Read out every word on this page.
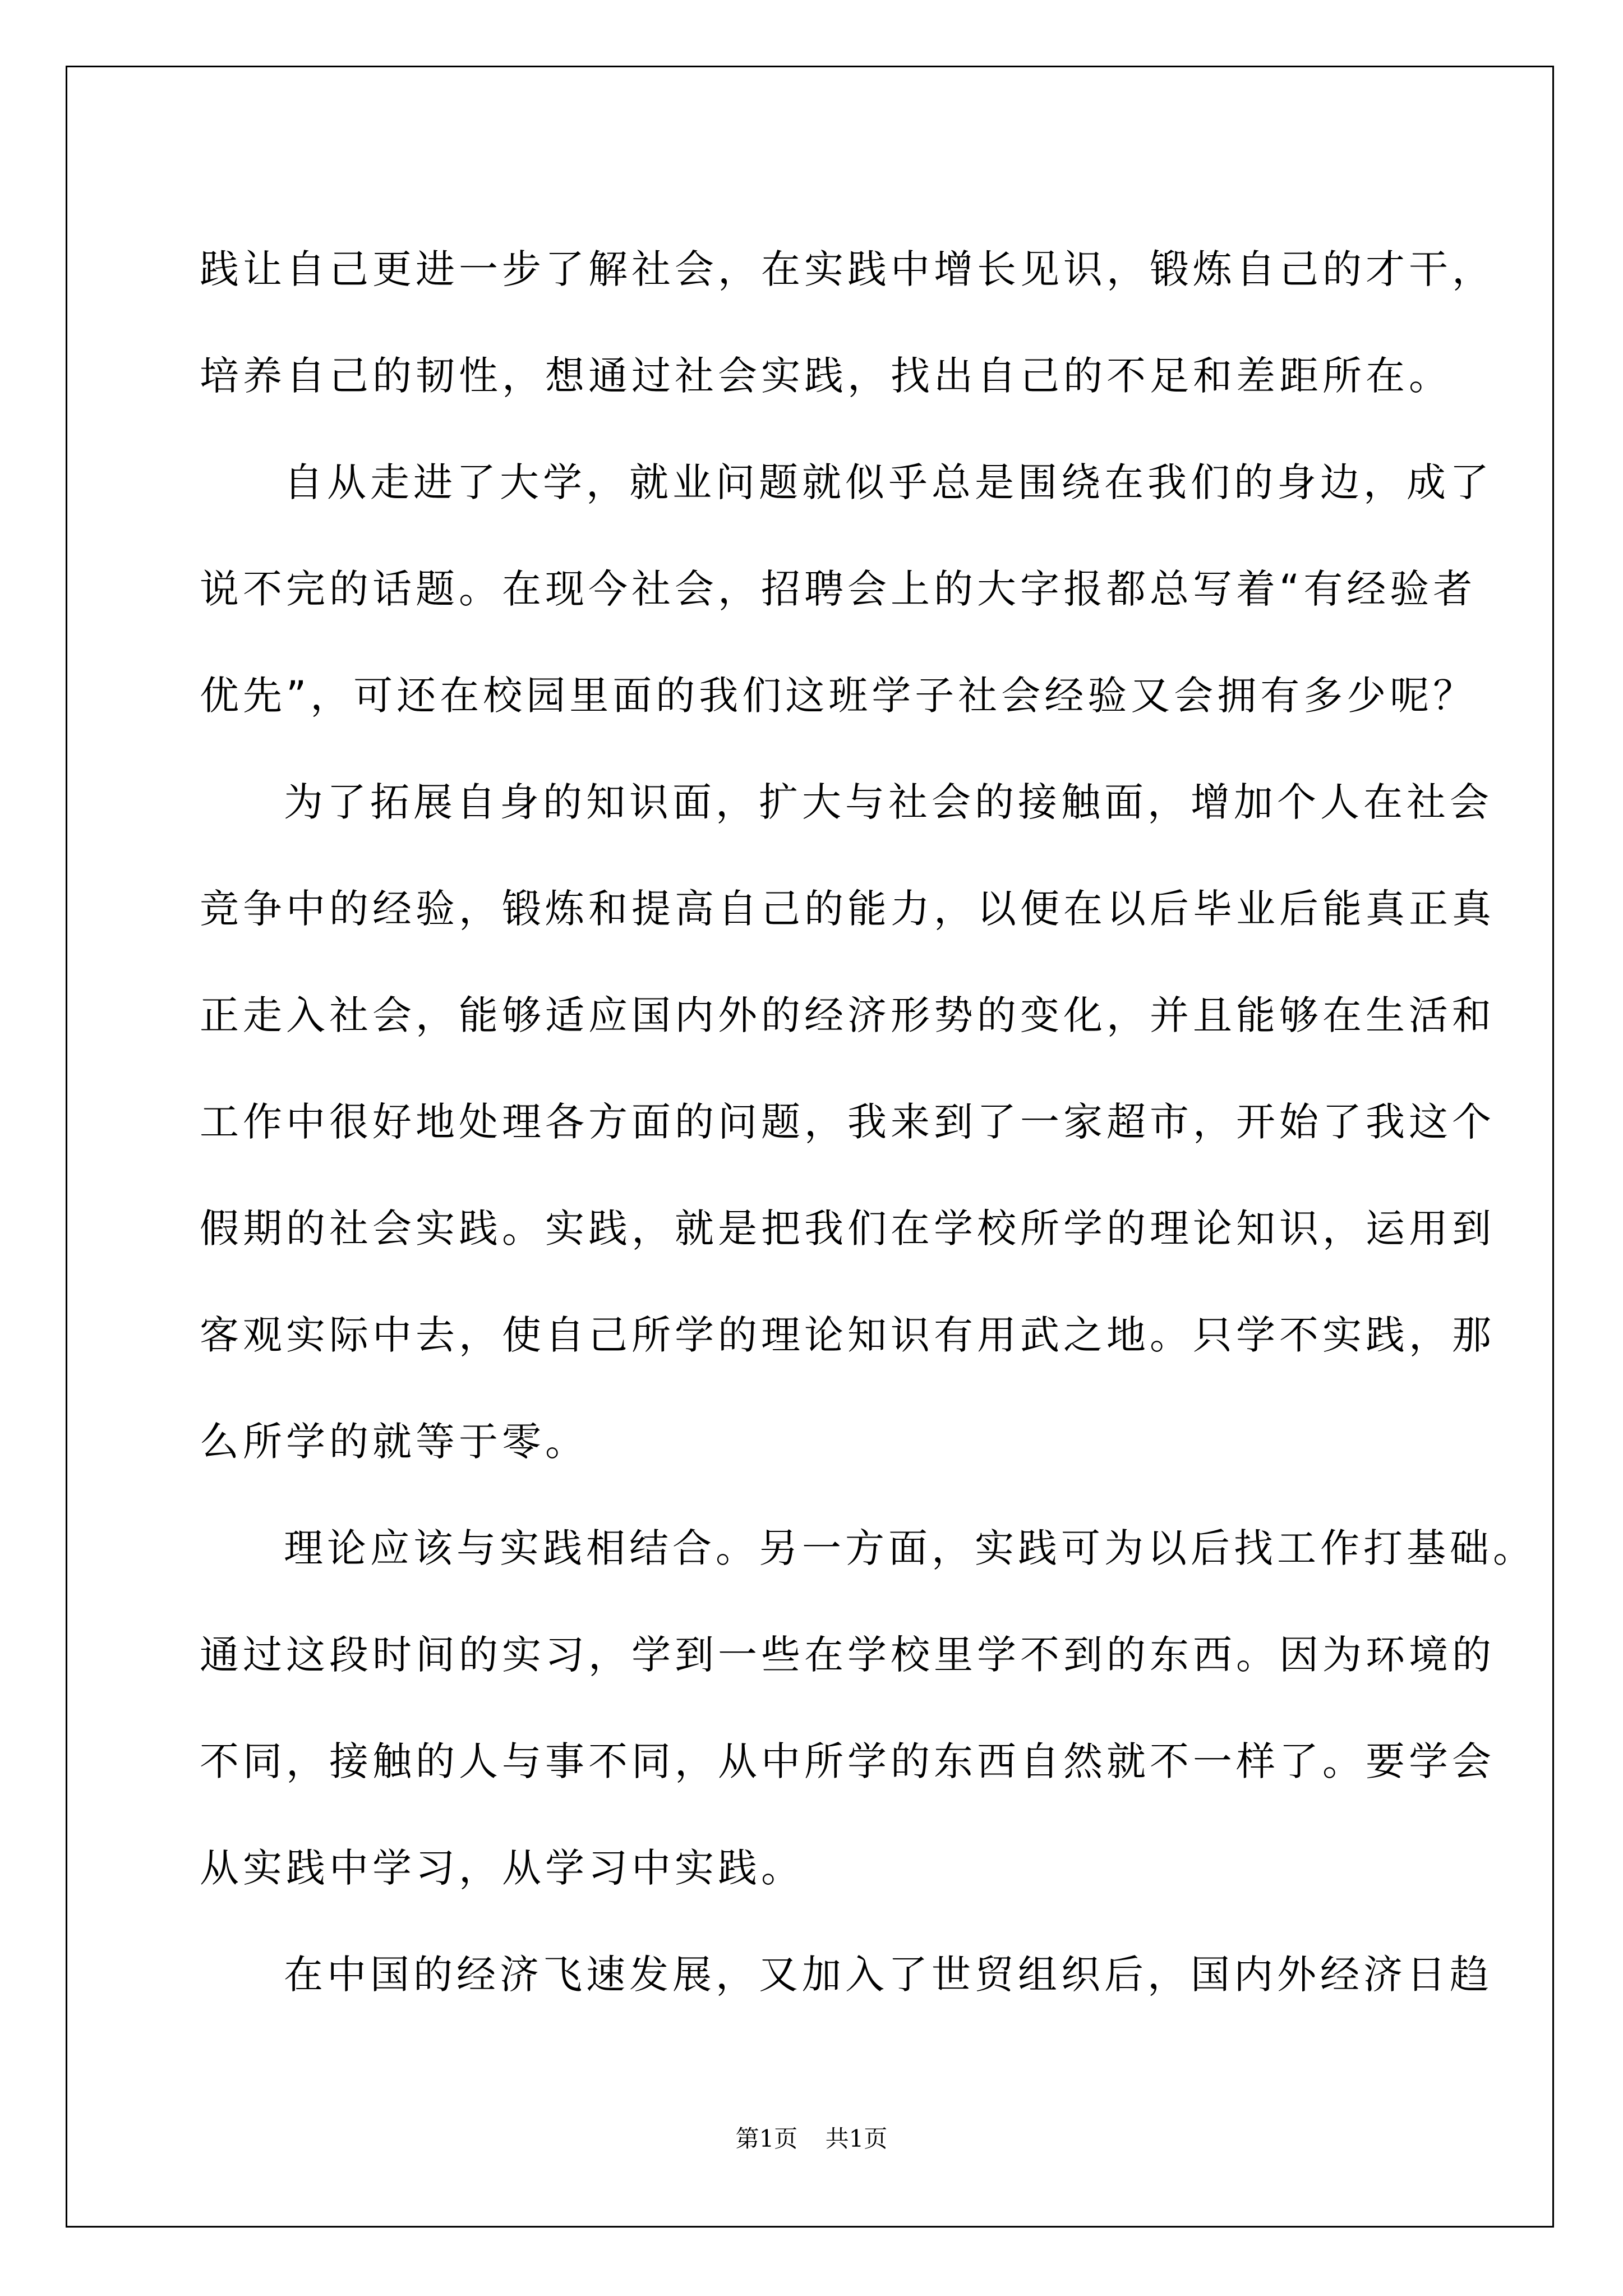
践让自己更进一步了解社会，在实践中增长见识，锻炼自己的才干，
培养自己的韧性，想通过社会实践，找出自己的不足和差距所在。
自从走进了大学，就业问题就似乎总是围绕在我们的身边，成了
说不完的话题。在现今社会，招聘会上的大字报都总写着“有经验者
优先”，可还在校园里面的我们这班学子社会经验又会拥有多少呢？
为了拓展自身的知识面，扩大与社会的接触面，增加个人在社会
竞争中的经验，锻炼和提高自己的能力，以便在以后毕业后能真正真
正走入社会，能够适应国内外的经济形势的变化，并且能够在生活和
工作中很好地处理各方面的问题，我来到了一家超市，开始了我这个
假期的社会实践。实践，就是把我们在学校所学的理论知识，运用到
客观实际中去，使自己所学的理论知识有用武之地。只学不实践，那
么所学的就等于零。
理论应该与实践相结合。另一方面，实践可为以后找工作打基础。
通过这段时间的实习，学到一些在学校里学不到的东西。因为环境的
不同，接触的人与事不同，从中所学的东西自然就不一样了。要学会
从实践中学习，从学习中实践。
在中国的经济飞速发展，又加入了世贸组织后，国内外经济日趋
第1页 共1页
